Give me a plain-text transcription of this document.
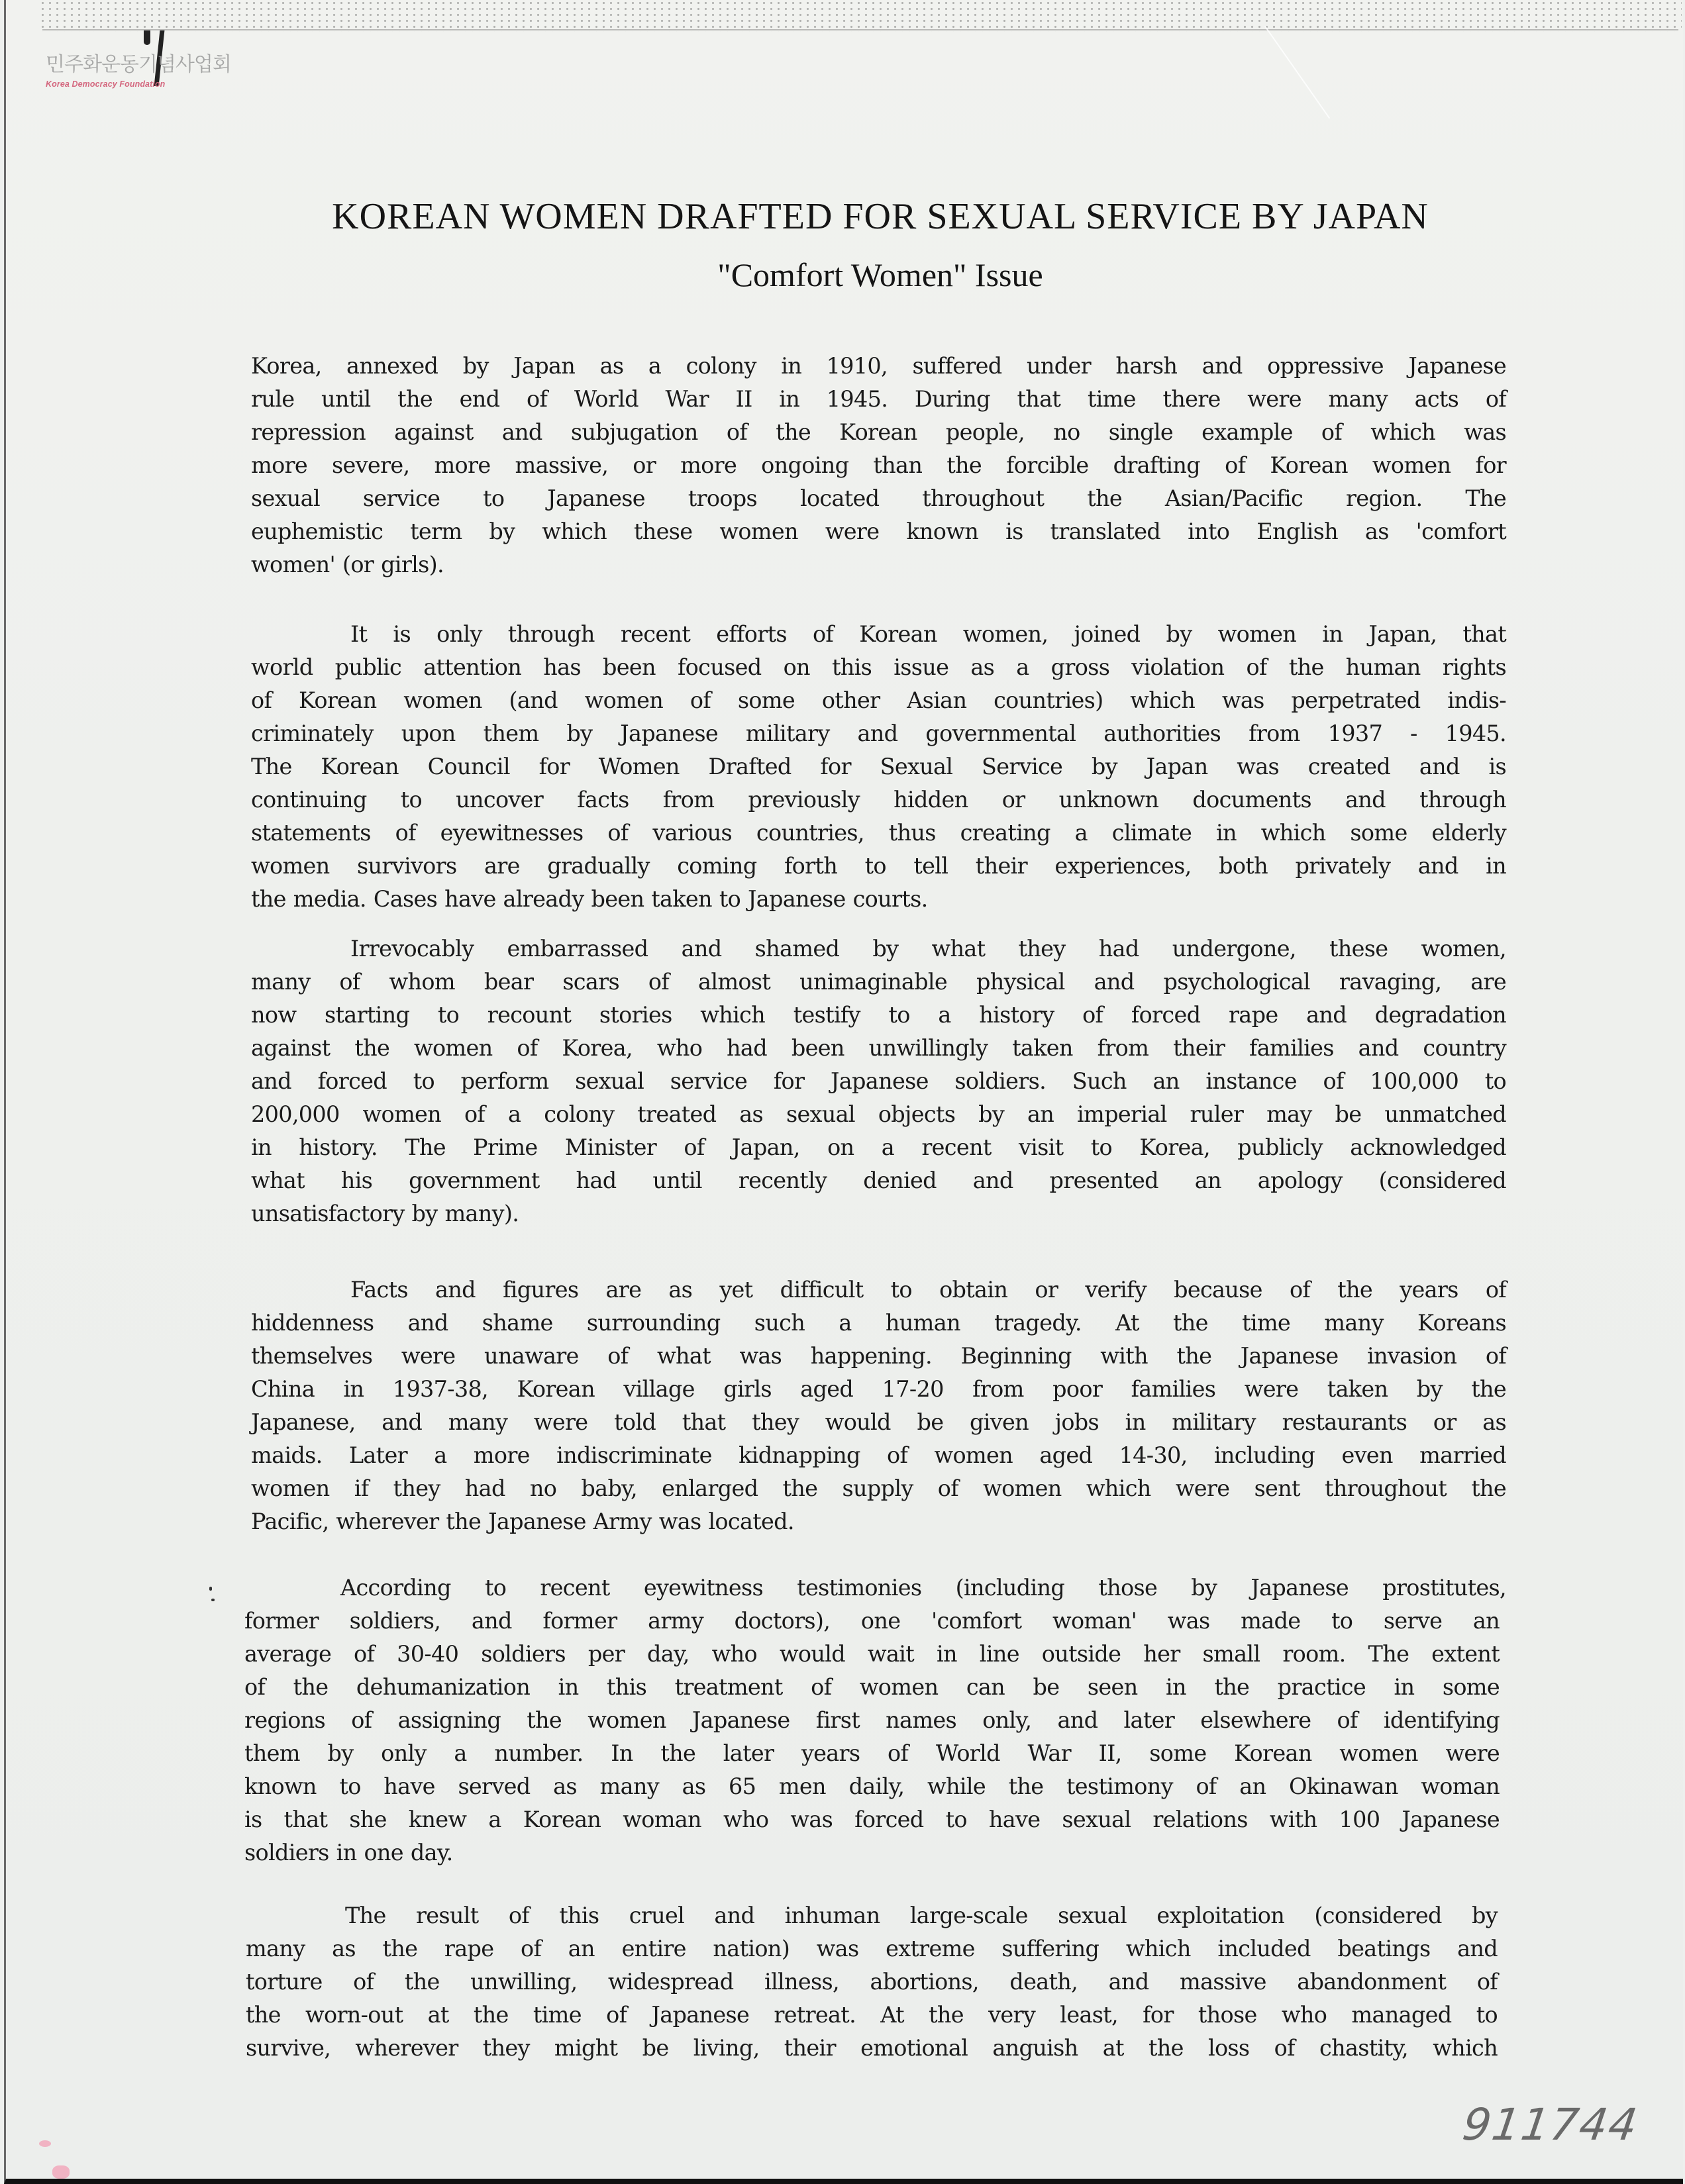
민주화운동기념사업회
Korea Democracy Foundation
KOREAN WOMEN DRAFTED FOR SEXUAL SERVICE BY JAPAN
"Comfort Women" Issue
Korea, annexed by Japan as a colony in 1910, suffered under harsh and oppressive Japanese
rule until the end of World War II in 1945. During that time there were many acts of
repression against and subjugation of the Korean people, no single example of which was
more severe, more massive, or more ongoing than the forcible drafting of Korean women for
sexual service to Japanese troops located throughout the Asian/Pacific region. The
euphemistic term by which these women were known is translated into English as 'comfort
women' (or girls).
It is only through recent efforts of Korean women, joined by women in Japan, that
world public attention has been focused on this issue as a gross violation of the human rights
of Korean women (and women of some other Asian countries) which was perpetrated indis-
criminately upon them by Japanese military and governmental authorities from 1937 - 1945.
The Korean Council for Women Drafted for Sexual Service by Japan was created and is
continuing to uncover facts from previously hidden or unknown documents and through
statements of eyewitnesses of various countries, thus creating a climate in which some elderly
women survivors are gradually coming forth to tell their experiences, both privately and in
the media. Cases have already been taken to Japanese courts.
Irrevocably embarrassed and shamed by what they had undergone, these women,
many of whom bear scars of almost unimaginable physical and psychological ravaging, are
now starting to recount stories which testify to a history of forced rape and degradation
against the women of Korea, who had been unwillingly taken from their families and country
and forced to perform sexual service for Japanese soldiers. Such an instance of 100,000 to
200,000 women of a colony treated as sexual objects by an imperial ruler may be unmatched
in history. The Prime Minister of Japan, on a recent visit to Korea, publicly acknowledged
what his government had until recently denied and presented an apology (considered
unsatisfactory by many).
Facts and figures are as yet difficult to obtain or verify because of the years of
hiddenness and shame surrounding such a human tragedy. At the time many Koreans
themselves were unaware of what was happening. Beginning with the Japanese invasion of
China in 1937-38, Korean village girls aged 17-20 from poor families were taken by the
Japanese, and many were told that they would be given jobs in military restaurants or as
maids. Later a more indiscriminate kidnapping of women aged 14-30, including even married
women if they had no baby, enlarged the supply of women which were sent throughout the
Pacific, wherever the Japanese Army was located.
According to recent eyewitness testimonies (including those by Japanese prostitutes,
former soldiers, and former army doctors), one 'comfort woman' was made to serve an
average of 30-40 soldiers per day, who would wait in line outside her small room. The extent
of the dehumanization in this treatment of women can be seen in the practice in some
regions of assigning the women Japanese first names only, and later elsewhere of identifying
them by only a number. In the later years of World War II, some Korean women were
known to have served as many as 65 men daily, while the testimony of an Okinawan woman
is that she knew a Korean woman who was forced to have sexual relations with 100 Japanese
soldiers in one day.
The result of this cruel and inhuman large-scale sexual exploitation (considered by
many as the rape of an entire nation) was extreme suffering which included beatings and
torture of the unwilling, widespread illness, abortions, death, and massive abandonment of
the worn-out at the time of Japanese retreat. At the very least, for those who managed to
survive, wherever they might be living, their emotional anguish at the loss of chastity, which
911744
